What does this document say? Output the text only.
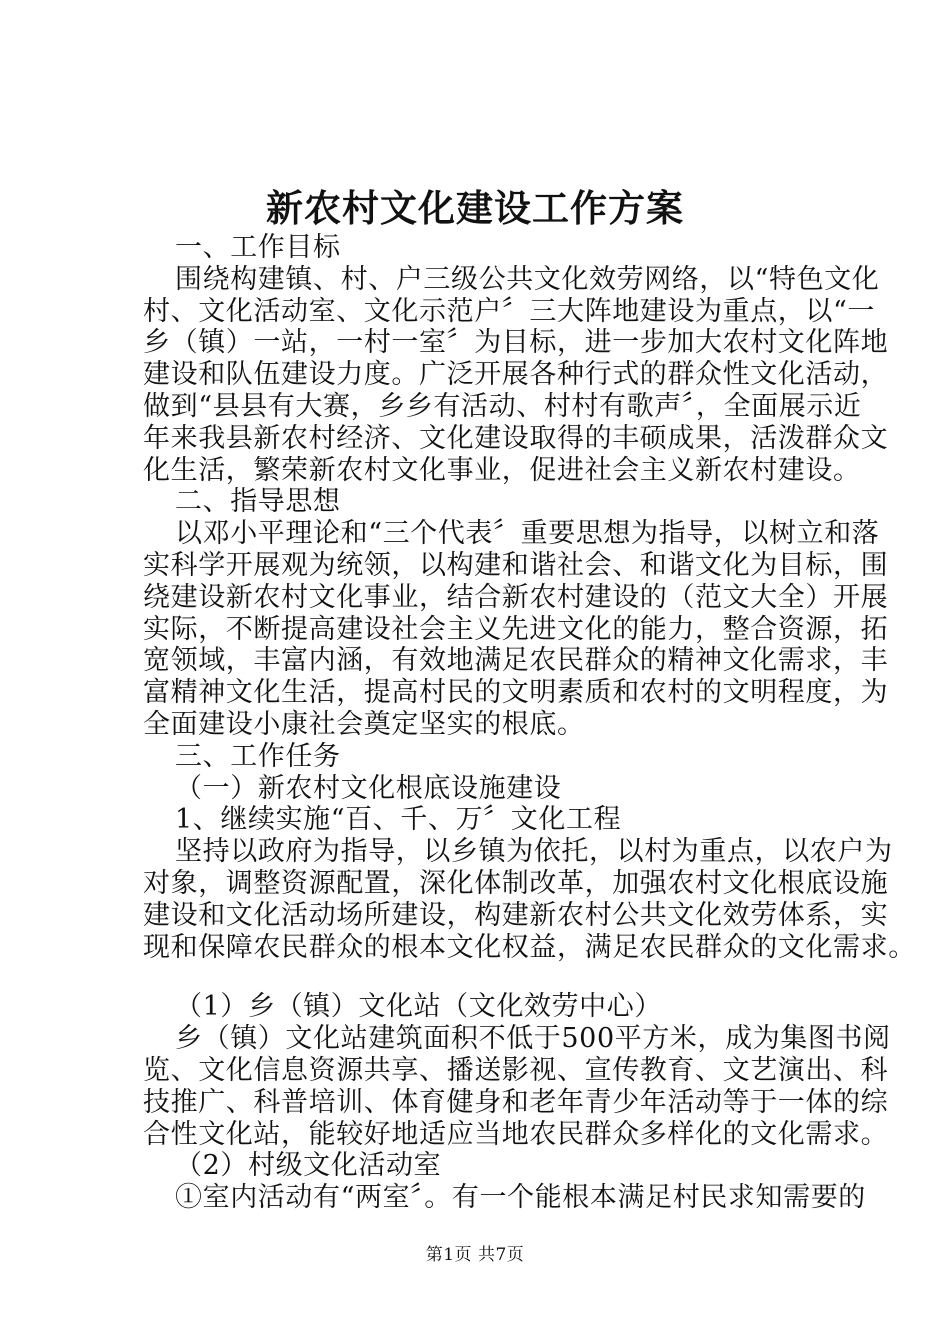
新农村文化建设工作方案

一、工作目标

围绕构建镇、村、户三级公共文化效劳网络，以“特色文化

村、文化活动室、文化示范户〞三大阵地建设为重点，以“一

乡（镇）一站，一村一室〞为目标，进一步加大农村文化阵地

建设和队伍建设力度。广泛开展各种行式的群众性文化活动，

做到“县县有大赛，乡乡有活动、村村有歌声〞，全面展示近

年来我县新农村经济、文化建设取得的丰硕成果，活泼群众文

化生活，繁荣新农村文化事业，促进社会主义新农村建设。

二、指导思想

以邓小平理论和“三个代表〞重要思想为指导，以树立和落

实科学开展观为统领，以构建和谐社会、和谐文化为目标，围

绕建设新农村文化事业，结合新农村建设的（范文大全）开展

实际，不断提高建设社会主义先进文化的能力，整合资源，拓

宽领域，丰富内涵，有效地满足农民群众的精神文化需求，丰

富精神文化生活，提高村民的文明素质和农村的文明程度，为

全面建设小康社会奠定坚实的根底。

三、工作任务

（一）新农村文化根底设施建设

1、继续实施“百、千、万〞文化工程

坚持以政府为指导，以乡镇为依托，以村为重点，以农户为

对象，调整资源配置，深化体制改革，加强农村文化根底设施

建设和文化活动场所建设，构建新农村公共文化效劳体系，实

现和保障农民群众的根本文化权益，满足农民群众的文化需求。

（1）乡（镇）文化站（文化效劳中心）

乡（镇）文化站建筑面积不低于500平方米，成为集图书阅

览、文化信息资源共享、播送影视、宣传教育、文艺演出、科

技推广、科普培训、体育健身和老年青少年活动等于一体的综

合性文化站，能较好地适应当地农民群众多样化的文化需求。

（2）村级文化活动室

①室内活动有“两室〞。有一个能根本满足村民求知需要的

第1页 共7页
